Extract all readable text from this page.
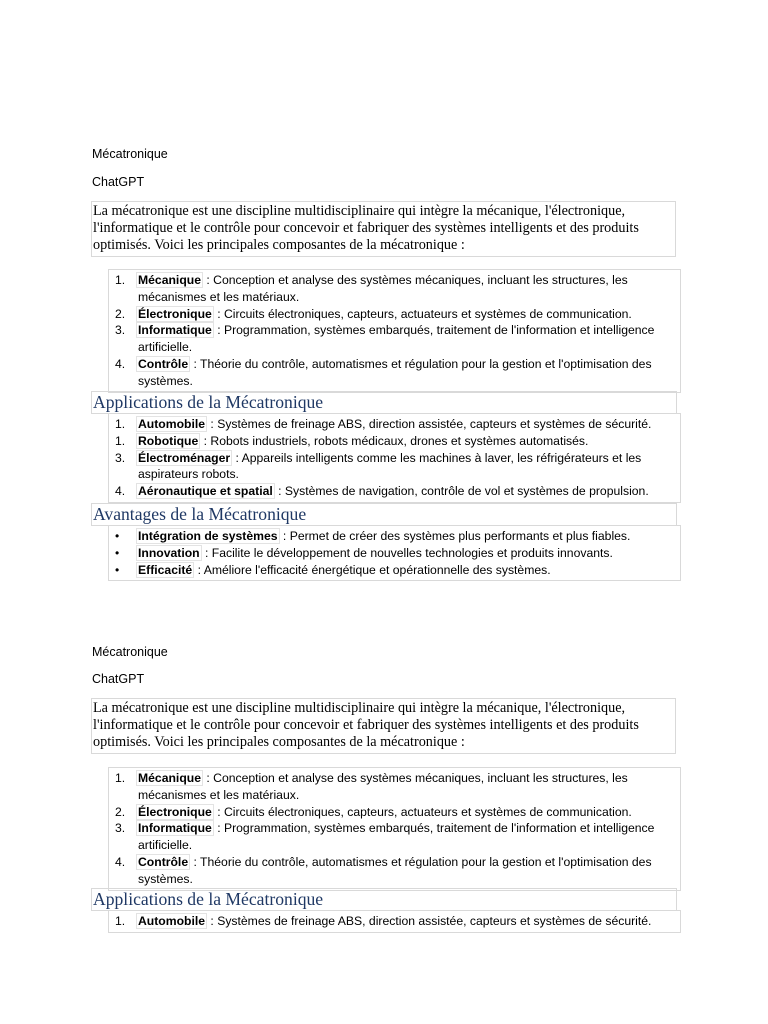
Mécatronique
ChatGPT
La mécatronique est une discipline multidisciplinaire qui intègre la mécanique, l'électronique, l'informatique et le contrôle pour concevoir et fabriquer des systèmes intelligents et des produits optimisés. Voici les principales composantes de la mécatronique :
1. Mécanique : Conception et analyse des systèmes mécaniques, incluant les structures, les mécanismes et les matériaux.
2. Électronique : Circuits électroniques, capteurs, actuateurs et systèmes de communication.
3. Informatique : Programmation, systèmes embarqués, traitement de l'information et intelligence artificielle.
4. Contrôle : Théorie du contrôle, automatismes et régulation pour la gestion et l'optimisation des systèmes.
Applications de la Mécatronique
1. Automobile : Systèmes de freinage ABS, direction assistée, capteurs et systèmes de sécurité.
1. Robotique : Robots industriels, robots médicaux, drones et systèmes automatisés.
3. Électroménager : Appareils intelligents comme les machines à laver, les réfrigérateurs et les aspirateurs robots.
4. Aéronautique et spatial : Systèmes de navigation, contrôle de vol et systèmes de propulsion.
Avantages de la Mécatronique
• Intégration de systèmes : Permet de créer des systèmes plus performants et plus fiables.
• Innovation : Facilite le développement de nouvelles technologies et produits innovants.
• Efficacité : Améliore l'efficacité énergétique et opérationnelle des systèmes.
Mécatronique
ChatGPT
La mécatronique est une discipline multidisciplinaire qui intègre la mécanique, l'électronique, l'informatique et le contrôle pour concevoir et fabriquer des systèmes intelligents et des produits optimisés. Voici les principales composantes de la mécatronique :
1. Mécanique : Conception et analyse des systèmes mécaniques, incluant les structures, les mécanismes et les matériaux.
2. Électronique : Circuits électroniques, capteurs, actuateurs et systèmes de communication.
3. Informatique : Programmation, systèmes embarqués, traitement de l'information et intelligence artificielle.
4. Contrôle : Théorie du contrôle, automatismes et régulation pour la gestion et l'optimisation des systèmes.
Applications de la Mécatronique
1. Automobile : Systèmes de freinage ABS, direction assistée, capteurs et systèmes de sécurité.
